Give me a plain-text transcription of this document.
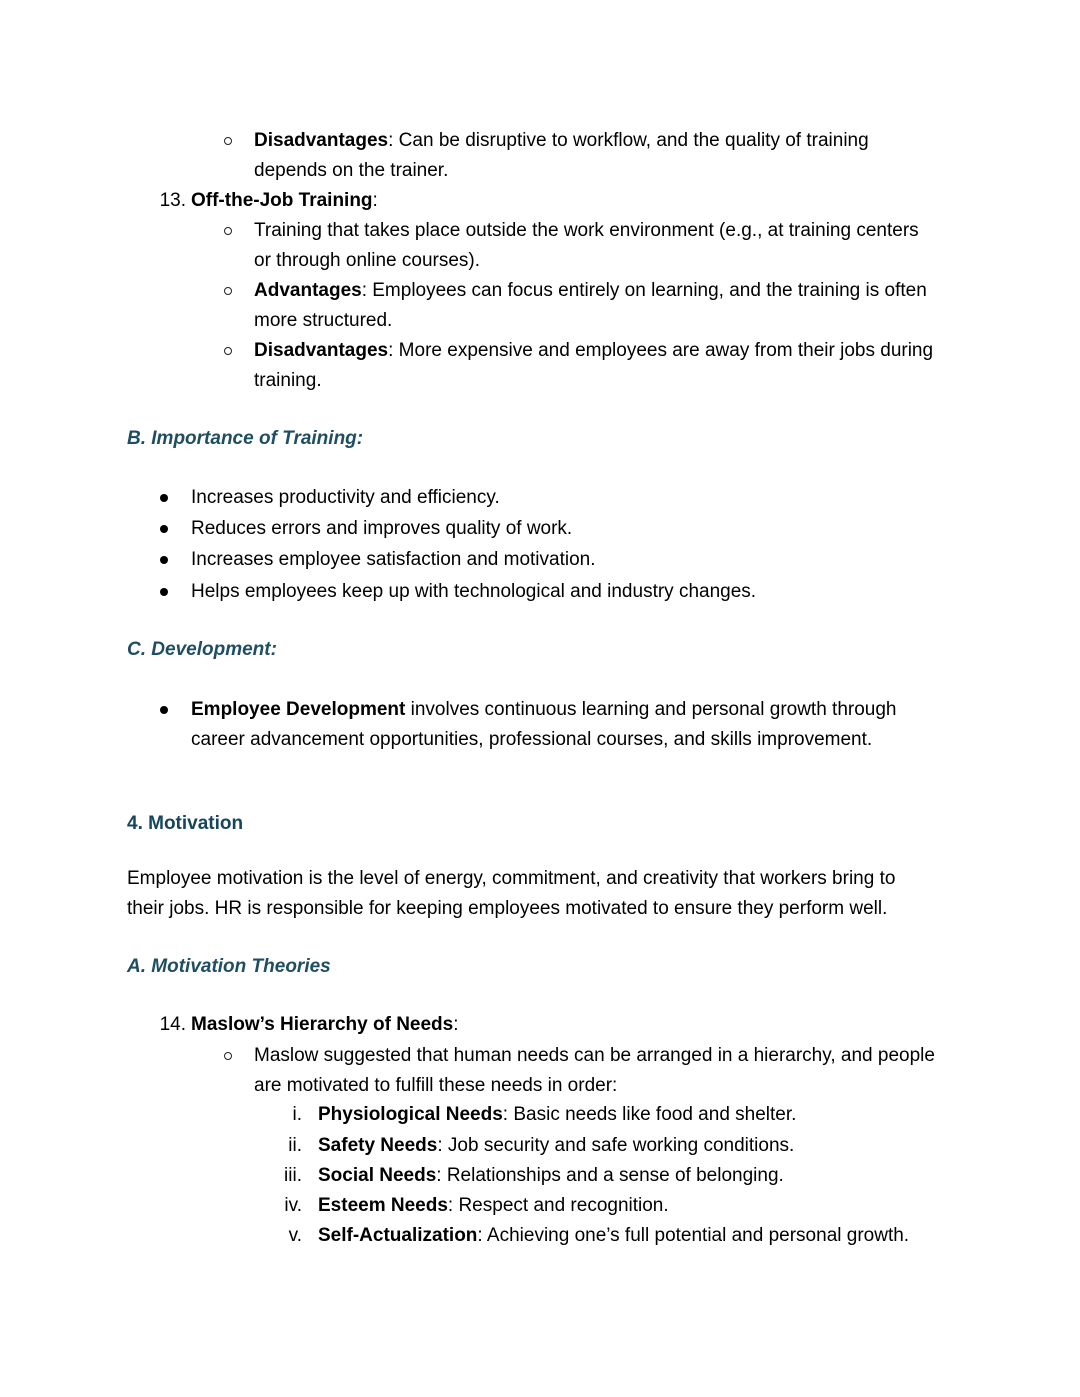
Disadvantages: Can be disruptive to workflow, and the quality of training
depends on the trainer.
13. Off-the-Job Training:
Training that takes place outside the work environment (e.g., at training centers
or through online courses).
Advantages: Employees can focus entirely on learning, and the training is often
more structured.
Disadvantages: More expensive and employees are away from their jobs during
training.
B. Importance of Training:
Increases productivity and efficiency.
Reduces errors and improves quality of work.
Increases employee satisfaction and motivation.
Helps employees keep up with technological and industry changes.
C. Development:
Employee Development involves continuous learning and personal growth through
career advancement opportunities, professional courses, and skills improvement.
4. Motivation
Employee motivation is the level of energy, commitment, and creativity that workers bring to
their jobs. HR is responsible for keeping employees motivated to ensure they perform well.
A. Motivation Theories
14. Maslow’s Hierarchy of Needs:
Maslow suggested that human needs can be arranged in a hierarchy, and people
are motivated to fulfill these needs in order:
i. Physiological Needs: Basic needs like food and shelter.
ii. Safety Needs: Job security and safe working conditions.
iii. Social Needs: Relationships and a sense of belonging.
iv. Esteem Needs: Respect and recognition.
v. Self-Actualization: Achieving one’s full potential and personal growth.
